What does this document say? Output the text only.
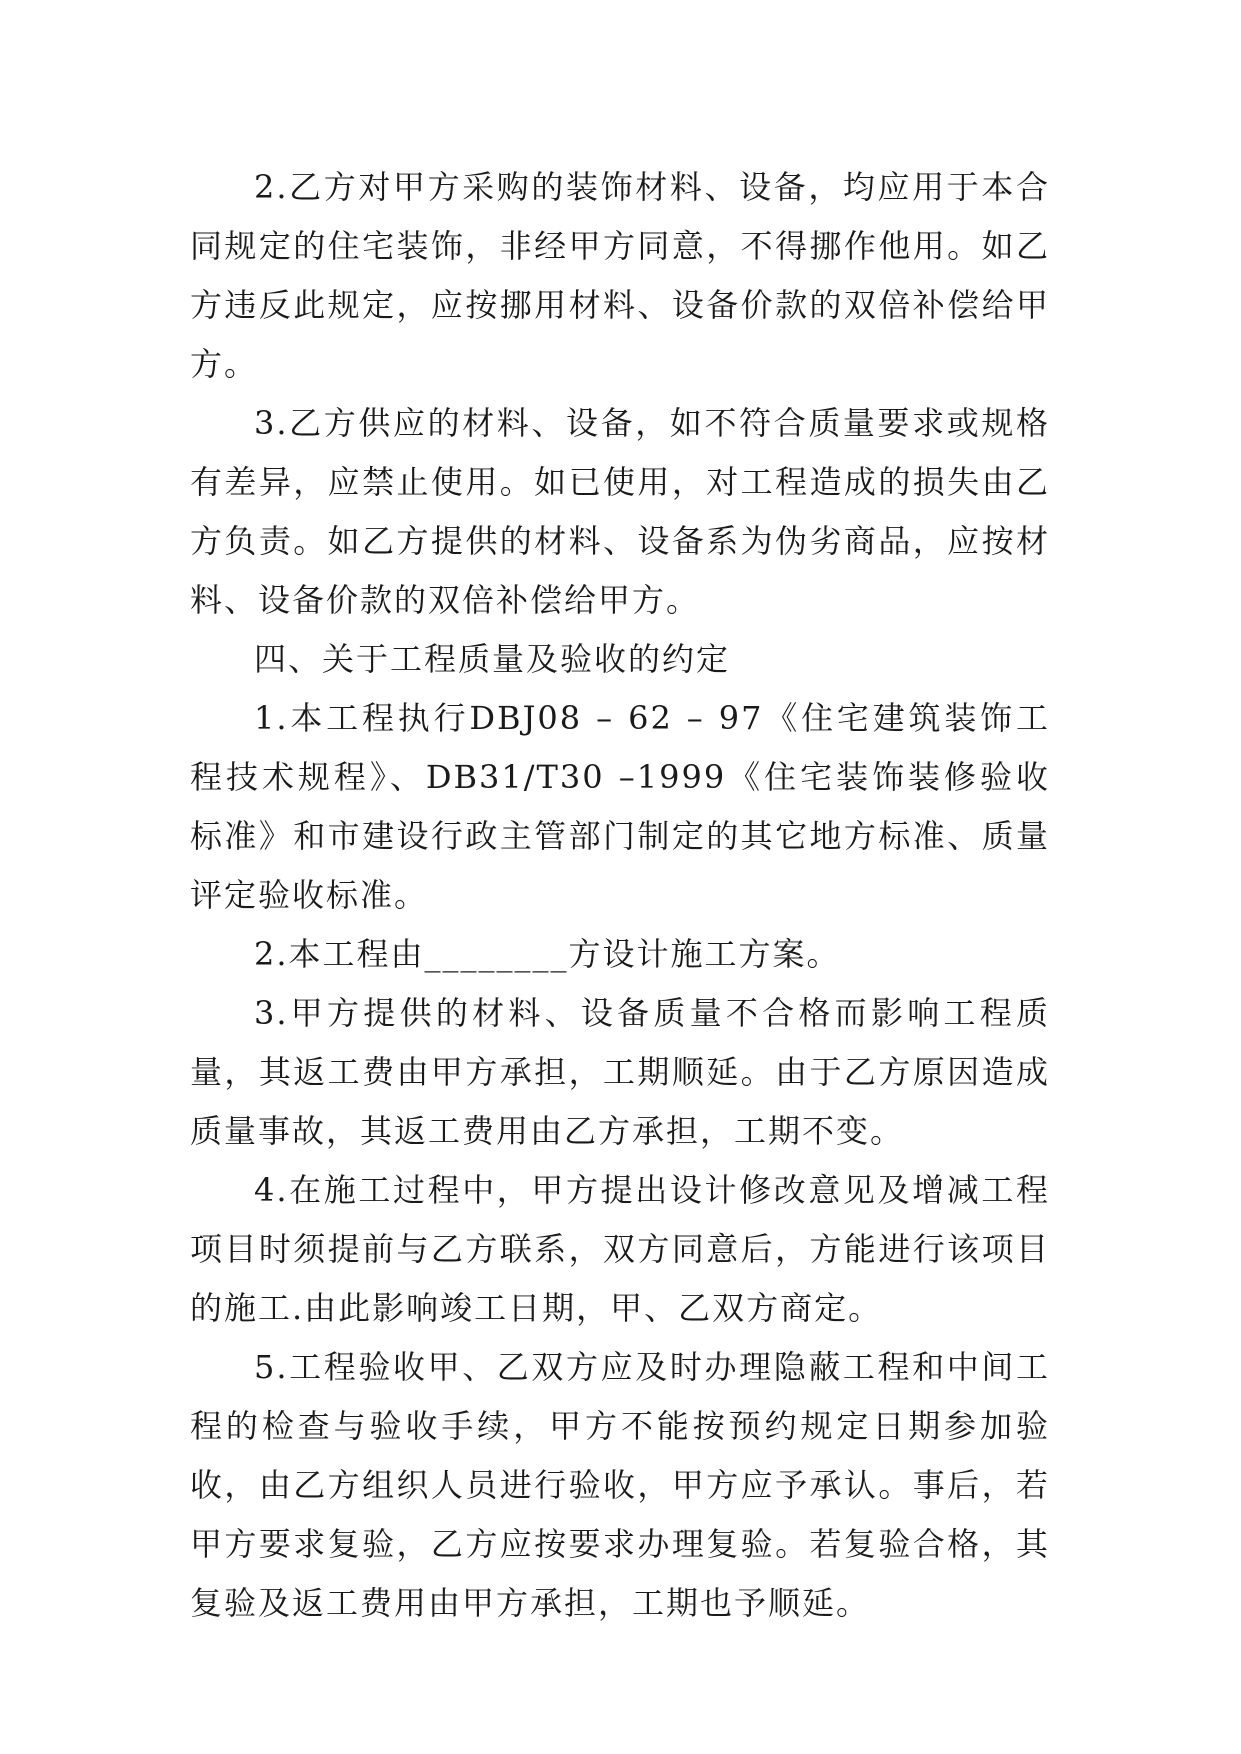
2.乙方对甲方采购的装饰材料、设备，均应用于本合同规定的住宅装饰，非经甲方同意，不得挪作他用。如乙方违反此规定，应按挪用材料、设备价款的双倍补偿给甲方。

3.乙方供应的材料、设备，如不符合质量要求或规格有差异，应禁止使用。如已使用，对工程造成的损失由乙方负责。如乙方提供的材料、设备系为伪劣商品，应按材料、设备价款的双倍补偿给甲方。

四、关于工程质量及验收的约定

1.本工程执行DBJ08 – 62 – 97《住宅建筑装饰工程技术规程》、DB31/T30 –1999《住宅装饰装修验收标准》和市建设行政主管部门制定的其它地方标准、质量评定验收标准。

2.本工程由________方设计施工方案。

3.甲方提供的材料、设备质量不合格而影响工程质量，其返工费由甲方承担，工期顺延。由于乙方原因造成质量事故，其返工费用由乙方承担，工期不变。

4.在施工过程中，甲方提出设计修改意见及增减工程项目时须提前与乙方联系，双方同意后，方能进行该项目的施工.由此影响竣工日期，甲、乙双方商定。

5.工程验收甲、乙双方应及时办理隐蔽工程和中间工程的检查与验收手续，甲方不能按预约规定日期参加验收，由乙方组织人员进行验收，甲方应予承认。事后，若甲方要求复验，乙方应按要求办理复验。若复验合格，其复验及返工费用由甲方承担，工期也予顺延。
